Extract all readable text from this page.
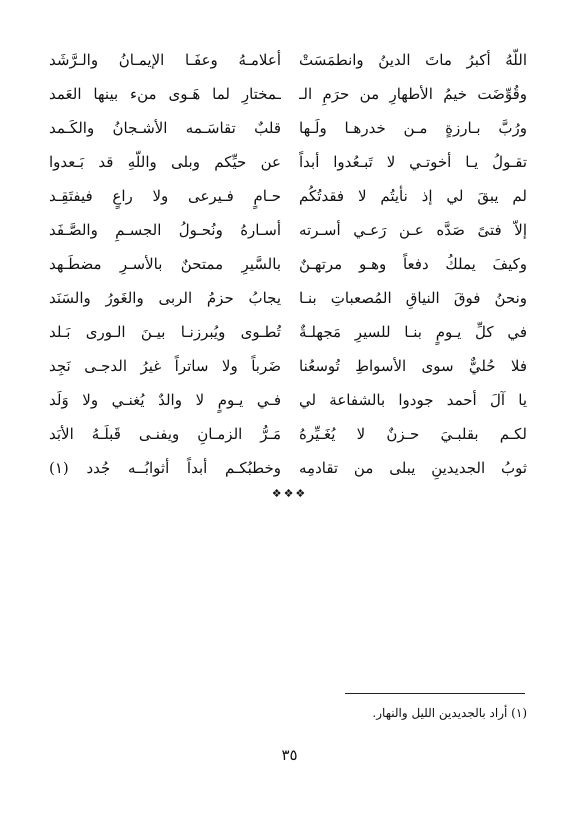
اللّهُ أكبرُ ماتَ الدينُ وانطمَسَتْ
أعلامـهُ وعفَـا الإيمـانُ والـرَّشَد
وقُوِّضَت خيمُ الأطهارِ من حرَمِ الـ
ـمختارِ لما هَـوى منء بينها العَمد
ورُبَّ بـارزةٍ مـن خدرهـا ولَـها
قلبٌ تقاسَـمه الأشـجانُ والكَـمد
تقـولُ يـا أخوتـي لا تَبـعُدوا أبداً
عن حيِّكم وبلى واللّهِ قد بَـعدوا
لم يبقَ لي إذ نأيتُم لا فقدتُكُم
حـامٍ فـيرعى ولا راعٍ فيفتَقِـد
إلاّ فتىً صَدَّه عـن رَعـي أسـرته
أسـارهُ ونُحـولُ الجسـمِ والصَّـفَد
وكيفَ يملكُ دفعاً وهـو مرتهـنٌ
بالسَّيرِ ممتحنٌ بالأسـرِ مضطَـهد
ونحنُ فوقَ النياقِ المُصعباتِ بنـا
يجابُ حزمُ الربى والغَورُ والسَنَد
في كلِّ يـومٍ بنـا للسيرِ مَجهلـةٌ
تُطـوى ويُبرزنـا بيـنَ الـورى بَـلد
فلا حُليٌّ سوى الأسواطِ تُوسعُنا
ضَرباً ولا ساتراً غيرُ الدجـى نَجِد
يا آلَ أحمد جودوا بالشفاعة لي
فـي يـومٍ لا والدٌ يُغنـي ولا وَلَد
لكـم بقلبـيَ حـزنٌ لا يُغَـيِّرهُ
مَـرُّ الزمـانِ ويفنـى قَبلَـهُ الأبَد
ثوبُ الجديدينِ يبلى من تقادمِه
وخطبُكـم أبداً أثوابُــه جُدد (١)
❖❖❖
(١) أراد بالجديدين الليل والنهار.
٣٥
